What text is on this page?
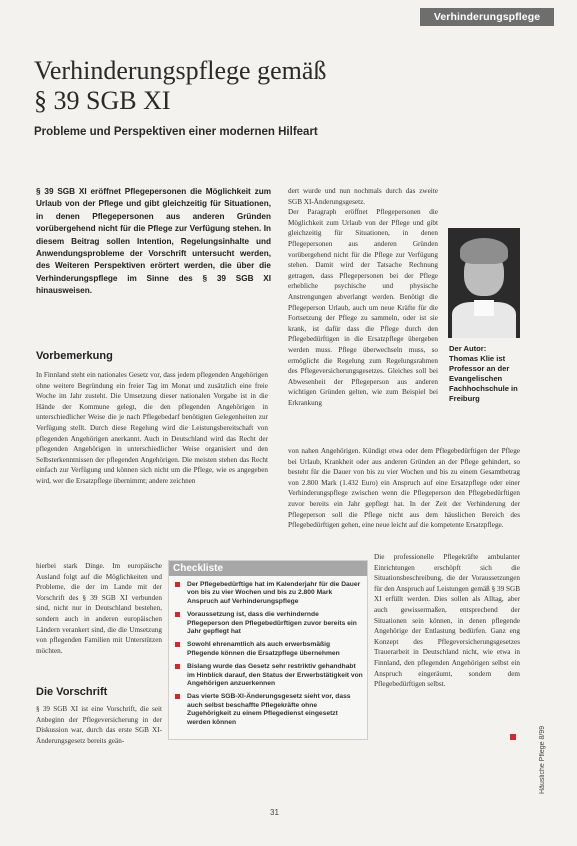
Verhinderungspflege
Verhinderungspflege gemäß
§ 39 SGB XI
Probleme und Perspektiven einer modernen Hilfeart
§ 39 SGB XI eröffnet Pflegepersonen die Möglichkeit zum Urlaub von der Pflege und gibt gleichzeitig für Situationen, in denen Pflegepersonen aus anderen Gründen vorübergehend nicht für die Pflege zur Verfügung stehen. In diesem Beitrag sollen Intention, Regelungsinhalte und Anwendungsprobleme der Vorschrift untersucht werden, des Weiteren Perspektiven erörtert werden, die über die Verhinderungspflege im Sinne des § 39 SGB XI hinausweisen.
Vorbemerkung
In Finnland steht ein nationales Gesetz vor, dass jedem pflegenden Angehörigen ohne weitere Begründung ein freier Tag im Monat und zusätzlich eine freie Woche im Jahr zusteht. Die Umsetzung dieser nationalen Vorgabe ist in die Hände der Kommune gelegt, die den pflegenden Angehörigen in unterschiedlicher Weise die je nach Pflegebedarf benötigten Gelegenheiten zur Verfügung stellt. Durch diese Regelung wird die Leistungsbereitschaft von pflegenden Angehörigen anerkannt. Auch in Deutschland wird das Recht der pflegenden Angehörigen in unterschiedlicher Weise organisiert und den Selbsterkenntnissen der pflegenden Angehörigen. Die meisten stehen das Recht einfach zur Verfügung und können sich nicht um die Pflege, wie es angegeben wird, wer die Ersatzpflege übernimmt; andere zeichnen
hierbei stark Dinge. Im europäische Ausland folgt auf die Möglichkeiten und Probleme, die der im Lande mit der Vorschrift des § 39 SGB XI verbunden sind, nicht nur in Deutschland bestehen, sondern auch in anderen europäischen Ländern verankert sind, die die Umsetzung von pflegenden Familien mit Unterstützen möchten.
Die Vorschrift
§ 39 SGB XI ist eine Vorschrift, die seit Anbeginn der Pflegeversicherung in der Diskussion war, durch das erste SGB XI-Änderungsgesetz bereits geän-
dert wurde und nun nochmals durch das zweite SGB XI-Änderungsgesetz.
Der Paragraph eröffnet Pflegepersonen die Möglichkeit zum Urlaub von der Pflege und gibt gleichzeitig für Situationen, in denen Pflegepersonen aus anderen Gründen vorübergehend nicht für die Pflege zur Verfügung stehen. Damit wird der Tatsache Rechnung getragen, dass Pflegepersonen bei der Pflege erhebliche psychische und physische Anstrengungen abverlangt werden. Benötigt die Pflegeperson Urlaub, auch um neue Kräfte für die Fortsetzung der Pflege zu sammeln, oder ist sie krank, ist dafür dass die Pflege durch den Pflegebedürftigen in die Ersatzpflege übergeben werden muss. Pflege überwechseln muss, so ermöglicht die Regelung zum Regelungsrahmen des Pflegeversicherungsgesetzes. Gleiches soll bei Abwesenheit der Pflegeperson aus anderen wichtigen Gründen gelten, wie zum Beispiel bei Erkrankung
Der Autor:
Thomas Klie ist Professor an der Evangelischen Fachhochschule in Freiburg
von nahen Angehörigen. Kündigt etwa oder dem Pflegebedürftigen der Pflege bei Urlaub, Krankheit oder aus anderen Gründen an der Pflege gehindert, so besteht für die Dauer von bis zu vier Wochen und bis zu einem Gesamtbetrag von 2.800 Mark (1.432 Euro) ein Anspruch auf eine Ersatzpflege oder einer Verhinderungspflege zwischen wenn die Pflegeperson den Pflegebedürftigen zuvor bereits ein Jahr gepflegt hat. In der Zeit der Verhinderung der Pflegeperson soll die Pflege nicht aus dem häuslichen Bereich des Pflegebedürftigen gehen, eine neue leicht auf die kompetente Ersatzpflege.
Die professionelle Pflegekräfte ambulanter Einrichtungen erschöpft sich die Situationsbeschreibung, die der Voraussetzungen für den Anspruch auf Leistungen gemäß § 39 SGB XI erfüllt werden. Dies sollen als Alltag, aber auch gewissermaßen, entsprechend der Situationen sein können, in denen pflegende Angehörige der Entlastung bedürfen. Ganz eng Konzept des Pflegeversicherungsgesetzes Trauerarbeit in Deutschland nicht, wie etwa in Finnland, den pflegenden Angehörigen selbst ein Anspruch eingeräumt, sondern dem Pflegebedürftigen selbst.
Checkliste
Der Pflegebedürftige hat im Kalenderjahr für die Dauer von bis zu vier Wochen und bis zu 2.800 Mark Anspruch auf Verhinderungspflege
Voraussetzung ist, dass die verhindernde Pflegeperson den Pflegebedürftigen zuvor bereits ein Jahr gepflegt hat
Sowohl ehrenamtlich als auch erwerbsmäßig Pflegende können die Ersatzpflege übernehmen
Bislang wurde das Gesetz sehr restriktiv gehandhabt im Hinblick darauf, den Status der Erwerbstätigkeit von Angehörigen anzuerkennen
Das vierte SGB-XI-Änderungsgesetz sieht vor, dass auch selbst beschaffte Pflegekräfte ohne Zugehörigkeit zu einem Pflegedienst eingesetzt werden können
31
Häusliche Pflege 8/99
